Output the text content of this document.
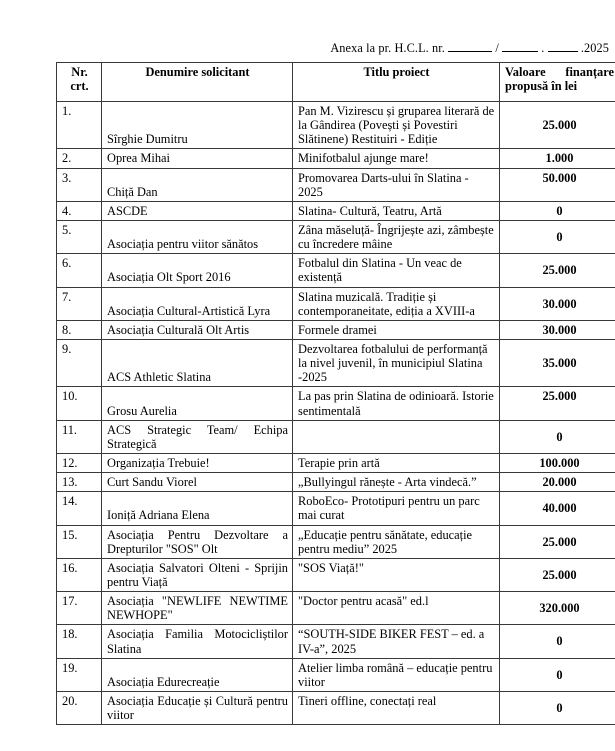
Anexa la pr. H.C.L. nr.	/	.	.2025
Nr. crt.	Denumire solicitant	Titlu proiect	Valoare finanțare
propusă în lei

1.	Sîrghie Dumitru	Pan M. Vizirescu și gruparea literară de la Gândirea (Povești și Povestiri Slătinene) Restituiri - Ediție	25.000
2.	Oprea Mihai	Minifotbalul ajunge mare!	1.000
3.	Chiță Dan	Promovarea Darts-ului în Slatina - 2025	50.000
4.	ASCDE	Slatina- Cultură, Teatru, Artă	0
5.	Asociația pentru viitor sănătos	Zâna măseluță- Îngrijește azi, zâmbește cu încredere mâine	0
6.	Asociația Olt Sport 2016	Fotbalul din Slatina - Un veac de existență	25.000
7.	Asociația Cultural-Artistică Lyra	Slatina muzicală. Tradiție și contemporaneitate, ediția a XVIII-a	30.000
8.	Asociația Culturală Olt Artis	Formele dramei	30.000
9.	ACS Athletic Slatina	Dezvoltarea fotbalului de performanță la nivel juvenil, în municipiul Slatina -2025	35.000
10.	Grosu Aurelia	La pas prin Slatina de odinioară. Istorie sentimentală	25.000
11.	ACS Strategic Team/ Echipa Strategică		0
12.	Organizația Trebuie!	Terapie prin artă	100.000
13.	Curt Sandu Viorel	„Bullyingul rănește - Arta vindecă.”	20.000
14.	Ioniță Adriana Elena	RoboEco- Prototipuri pentru un parc mai curat	40.000
15.	Asociația Pentru Dezvoltare a Drepturilor "SOS" Olt	„Educație pentru sănătate, educație pentru mediu” 2025	25.000
16.	Asociația Salvatori Olteni - Sprijin pentru Viață	"SOS Viață!"	25.000
17.	Asociația "NEWLIFE NEWTIME NEWHOPE"	"Doctor pentru acasă" ed.l	320.000
18.	Asociația Familia Motocicliștilor Slatina	“SOUTH-SIDE BIKER FEST – ed. a IV-a”, 2025	0
19.	Asociația Edurecreație	Atelier limba română – educație pentru viitor	0
20.	Asociația Educație și Cultură pentru viitor	Tineri offline, conectați real	0
